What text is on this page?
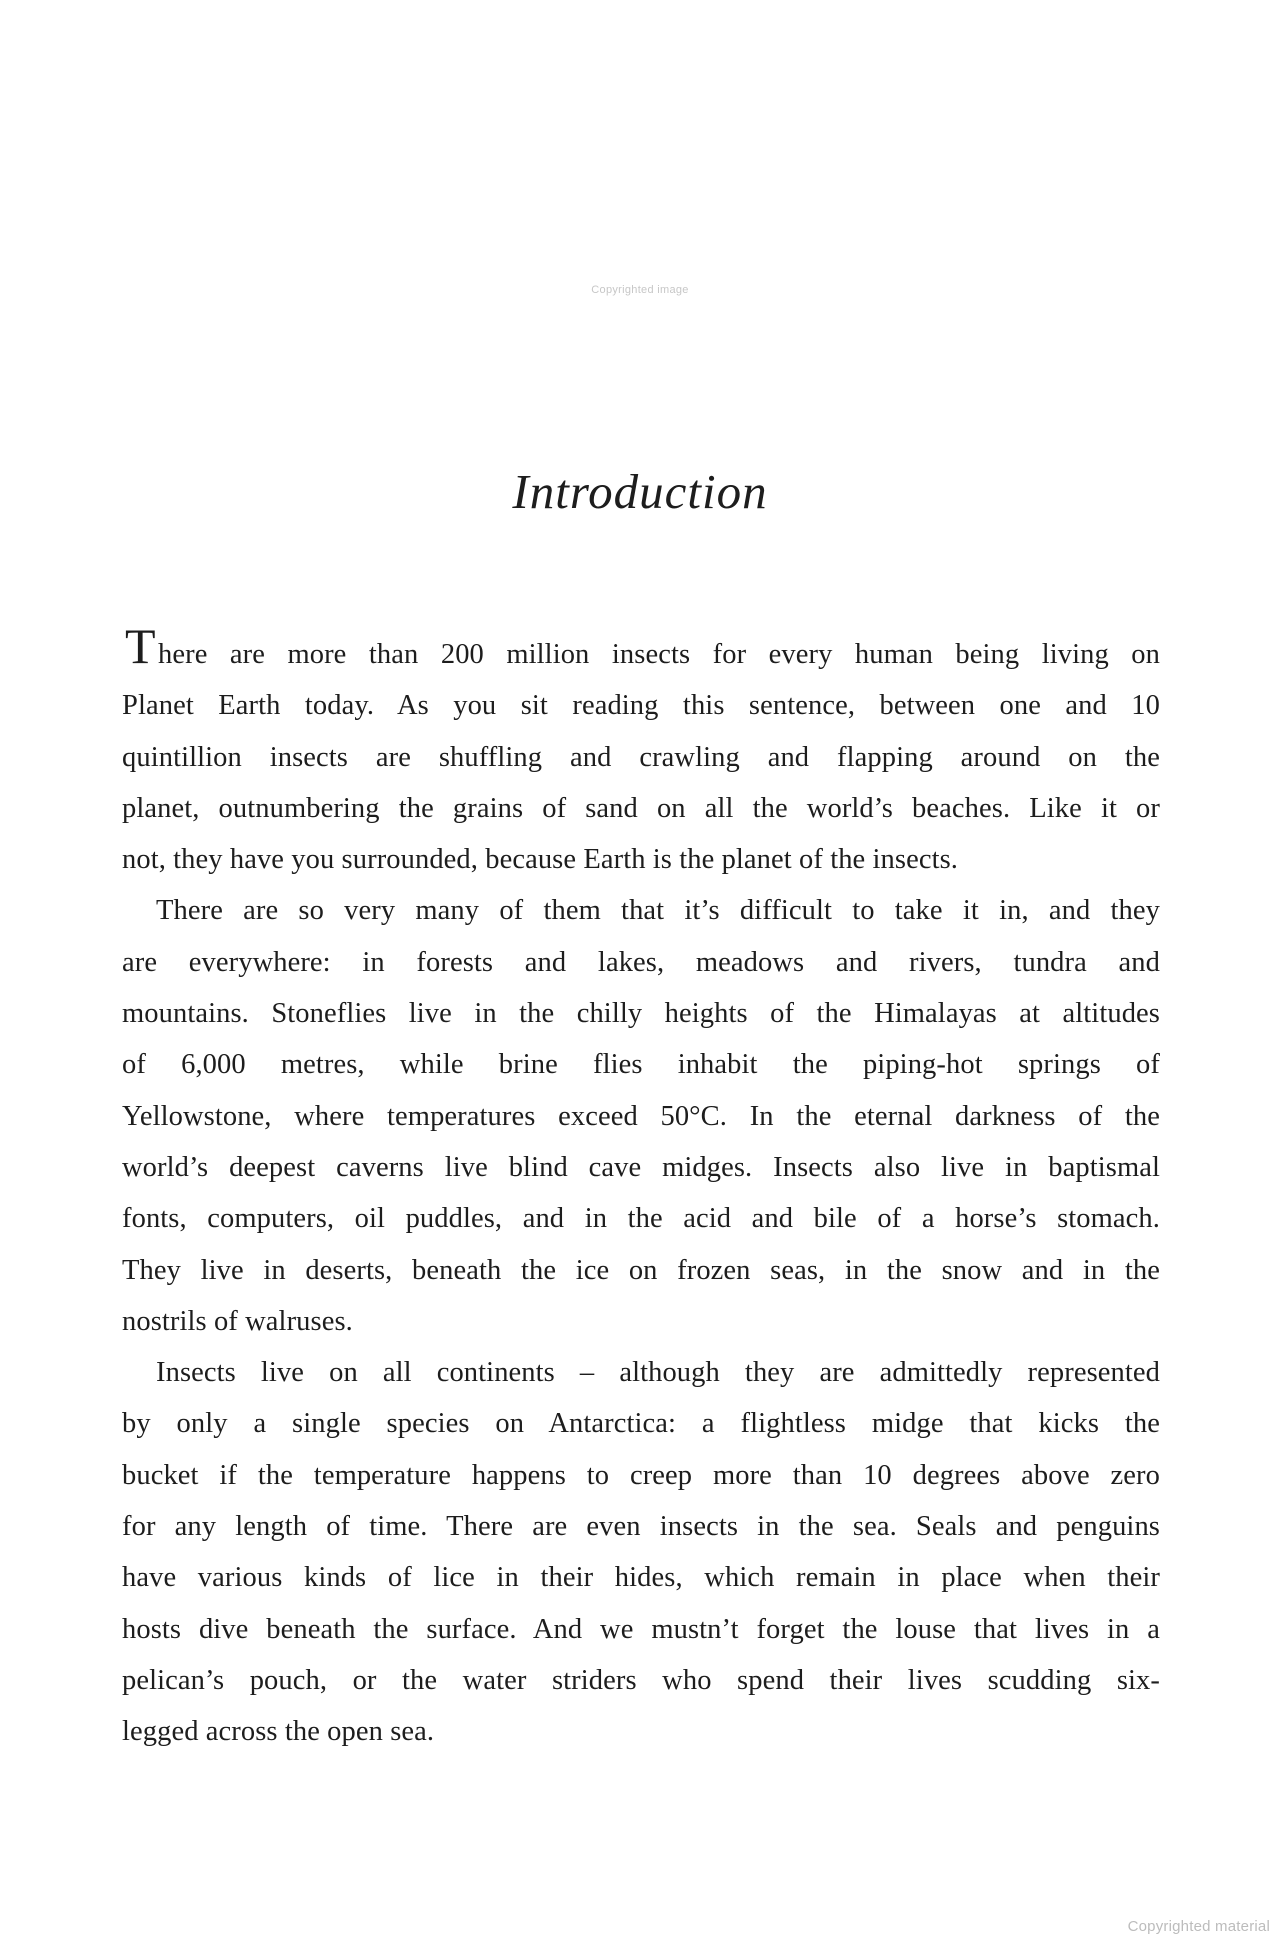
Copyrighted image
Introduction
T here are more than 200 million insects for every human being living on
Planet Earth today. As you sit reading this sentence, between one and 10
quintillion insects are shuffling and crawling and flapping around on the
planet, outnumbering the grains of sand on all the world’s beaches. Like it or
not, they have you surrounded, because Earth is the planet of the insects.
There are so very many of them that it’s difficult to take it in, and they
are everywhere: in forests and lakes, meadows and rivers, tundra and
mountains. Stoneflies live in the chilly heights of the Himalayas at altitudes
of 6,000 metres, while brine flies inhabit the piping-hot springs of
Yellowstone, where temperatures exceed 50°C. In the eternal darkness of the
world’s deepest caverns live blind cave midges. Insects also live in baptismal
fonts, computers, oil puddles, and in the acid and bile of a horse’s stomach.
They live in deserts, beneath the ice on frozen seas, in the snow and in the
nostrils of walruses.
Insects live on all continents – although they are admittedly represented
by only a single species on Antarctica: a flightless midge that kicks the
bucket if the temperature happens to creep more than 10 degrees above zero
for any length of time. There are even insects in the sea. Seals and penguins
have various kinds of lice in their hides, which remain in place when their
hosts dive beneath the surface. And we mustn’t forget the louse that lives in a
pelican’s pouch, or the water striders who spend their lives scudding six-
legged across the open sea.
Copyrighted material
